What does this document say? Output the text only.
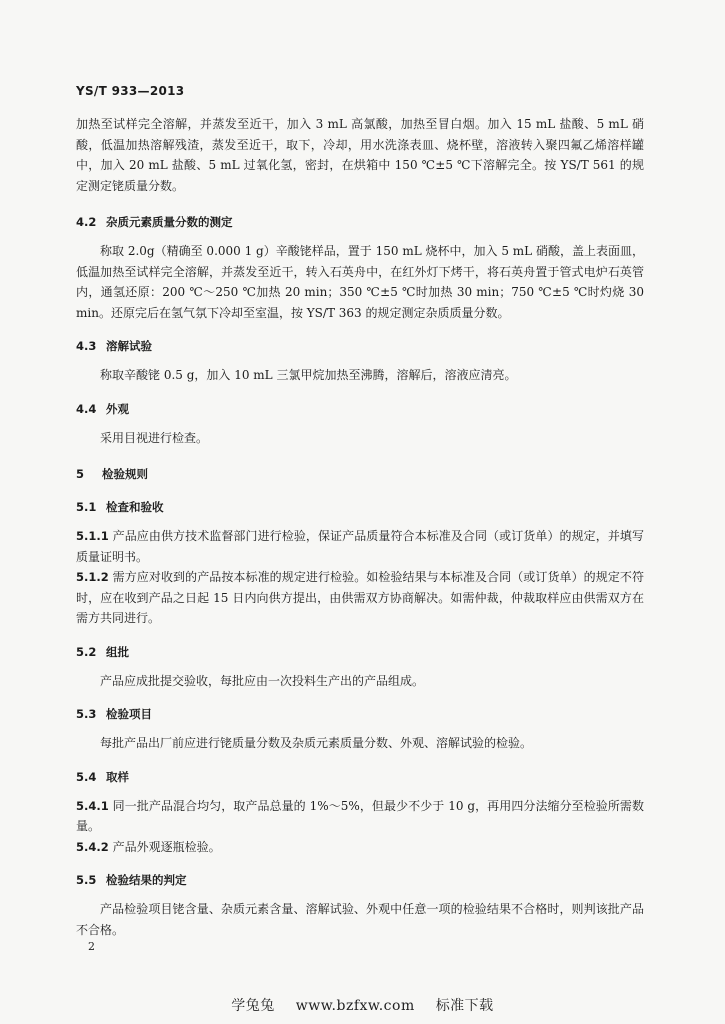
YS/T 933—2013

加热至试样完全溶解，并蒸发至近干，加入 3 mL 高氯酸，加热至冒白烟。加入 15 mL 盐酸、5 mL 硝酸，低温加热溶解残渣，蒸发至近干，取下，冷却，用水洗涤表皿、烧杯壁，溶液转入聚四氟乙烯溶样罐中，加入 20 mL 盐酸、5 mL 过氧化氢，密封，在烘箱中 150 ℃±5 ℃下溶解完全。按 YS/T 561 的规定测定铑质量分数。

4.2 杂质元素质量分数的测定

称取 2.0g（精确至 0.000 1 g）辛酸铑样品，置于 150 mL 烧杯中，加入 5 mL 硝酸，盖上表面皿，低温加热至试样完全溶解，并蒸发至近干，转入石英舟中，在红外灯下烤干，将石英舟置于管式电炉石英管内，通氢还原：200 ℃～250 ℃加热 20 min；350 ℃±5 ℃时加热 30 min；750 ℃±5 ℃时灼烧 30 min。还原完后在氢气氛下冷却至室温，按 YS/T 363 的规定测定杂质质量分数。

4.3 溶解试验

称取辛酸铑 0.5 g，加入 10 mL 三氯甲烷加热至沸腾，溶解后，溶液应清亮。

4.4 外观

采用目视进行检查。

5 检验规则
5.1 检查和验收

5.1.1 产品应由供方技术监督部门进行检验，保证产品质量符合本标准及合同（或订货单）的规定，并填写质量证明书。

5.1.2 需方应对收到的产品按本标准的规定进行检验。如检验结果与本标准及合同（或订货单）的规定不符时，应在收到产品之日起 15 日内向供方提出，由供需双方协商解决。如需仲裁，仲裁取样应由供需双方在需方共同进行。

5.2 组批

产品应成批提交验收，每批应由一次投料生产出的产品组成。

5.3 检验项目

每批产品出厂前应进行铑质量分数及杂质元素质量分数、外观、溶解试验的检验。

5.4 取样

5.4.1 同一批产品混合均匀，取产品总量的 1%～5%，但最少不少于 10 g，再用四分法缩分至检验所需数量。

5.4.2 产品外观逐瓶检验。

5.5 检验结果的判定

产品检验项目铑含量、杂质元素含量、溶解试验、外观中任意一项的检验结果不合格时，则判该批产品不合格。

2
学兔兔 www.bzfxw.com 标准下载
